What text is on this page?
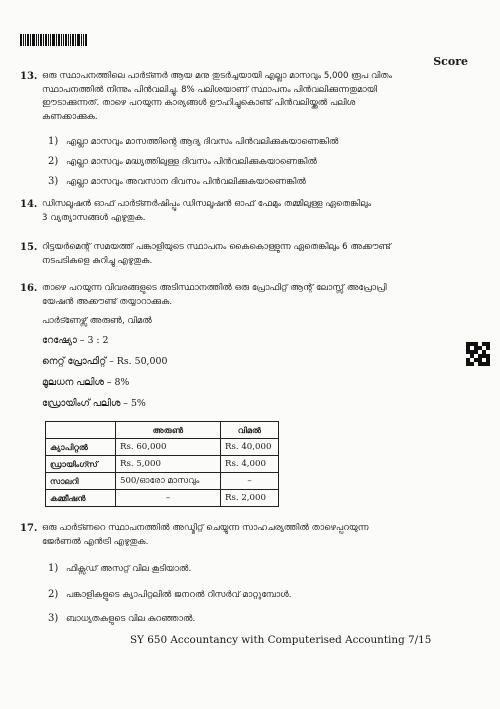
Score
13. ഒരു സ്ഥാപനത്തിലെ പാർട്ണർ ആയ മനു തുടർച്ചയായി എല്ലാ മാസവും 5,000 രൂപ വിതം
സ്ഥാപനത്തിൽ നിന്നും പിൻവലിച്ചു. 8% പലിശയാണ് സ്ഥാപനം പിൻവലിക്കുന്നതുമായി
ഈടാക്കുന്നത്. താഴെ പറയുന്ന കാര്യങ്ങൾ ഊഹിച്ചുകൊണ്ട് പിൻവലിയ്ക്കൽ പലിശ
കണക്കാക്കുക.
1) എല്ലാ മാസവും മാസത്തിന്റെ ആദ്യ ദിവസം പിൻവലിക്കുകയാണെങ്കിൽ
2) എല്ലാ മാസവും മദ്ധ്യത്തിലുള്ള ദിവസം പിൻവലിക്കുകയാണെങ്കിൽ
3) എല്ലാ മാസവും അവസാന ദിവസം പിൻവലിക്കുകയാണെങ്കിൽ
14. ഡിസലൂഷൻ ഓഫ് പാർട്ണർഷിപ്പും ഡിസലൂഷൻ ഓഫ് ഫേമും തമ്മിലുള്ള ഏതെങ്കിലും
3 വ്യത്യാസങ്ങൾ എഴുതുക.
15. റിട്ടയർമെന്റ് സമയത്ത് പങ്കാളിയുടെ സ്ഥാപനം കൈകൊള്ളുന്ന ഏതെങ്കിലും 6 അക്കൗണ്ട്
നടപടികളെ കുറിച്ചു എഴുതുക.
16. താഴെ പറയുന്ന വിവരങ്ങളുടെ അടിസ്ഥാനത്തിൽ ഒരു പ്രോഫിറ്റ് ആന്റ് ലോസ്സ് അപ്രോപ്രി
യേഷൻ അക്കൗണ്ട് തയ്യാറാക്കുക.
പാർട്ണേഴ്സ് അരുൺ, വിമൽ
റേഷ്യോ – 3 : 2
നെറ്റ് പ്രോഫിറ്റ് – Rs. 50,000
മൂലധന പലിശ – 8%
ഡ്രോയിംഗ് പലിശ – 5%
	അരുൺ	വിമൽ
ക്യാപിറ്റൽ	Rs. 60,000	Rs. 40,000
ഡ്രായിംഗ്സ്	Rs. 5,000	Rs. 4,000
സാലറി	500/ഓരോ മാസവും	–
കമ്മീഷൻ	–	Rs. 2,000
17. ഒരു പാർട്ണറെ സ്ഥാപനത്തിൽ അഡ്മിറ്റ് ചെയ്യുന്ന സാഹചര്യത്തിൽ താഴെപ്പറയുന്ന
ജേർണൽ എൻട്രി എഴുതുക.
1) ഫിക്സഡ് അസറ്റ് വില കൂടിയാൽ.
2) പങ്കാളികളുടെ ക്യാപിറ്റലിൽ ജനറൽ റിസർവ് മാറ്റുമ്പോൾ.
3) ബാധ്യതകളുടെ വില കുറഞ്ഞാൽ.
SY 650 Accountancy with Computerised Accounting 7/15
